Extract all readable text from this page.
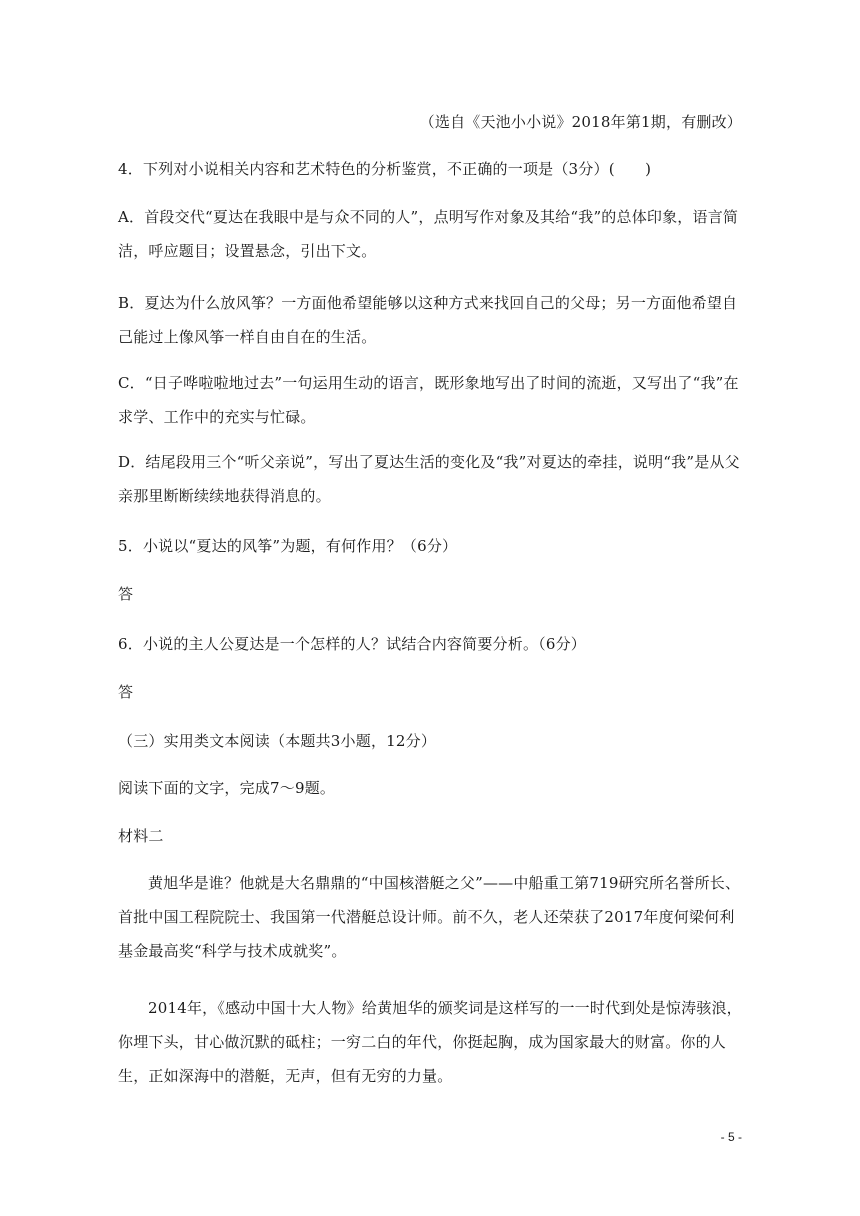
（选自《天池小小说》2018年第1期，有删改）
4．下列对小说相关内容和艺术特色的分析鉴赏，不正确的一项是（3分）(　　)
A．首段交代“夏达在我眼中是与众不同的人”，点明写作对象及其给“我”的总体印象，语言简洁，呼应题目；设置悬念，引出下文。
B．夏达为什么放风筝？一方面他希望能够以这种方式来找回自己的父母；另一方面他希望自己能过上像风筝一样自由自在的生活。
C．“日子哗啦啦地过去”一句运用生动的语言，既形象地写出了时间的流逝，又写出了“我”在求学、工作中的充实与忙碌。
D．结尾段用三个“听父亲说”，写出了夏达生活的变化及“我”对夏达的牵挂，说明“我”是从父亲那里断断续续地获得消息的。
5．小说以“夏达的风筝”为题，有何作用？（6分）
答
6．小说的主人公夏达是一个怎样的人？试结合内容简要分析。（6分）
答
（三）实用类文本阅读（本题共3小题，12分）
阅读下面的文字，完成7～9题。
材料二
黄旭华是谁？他就是大名鼎鼎的“中国核潜艇之父”——中船重工第719研究所名誉所长、首批中国工程院院士、我国第一代潜艇总设计师。前不久，老人还荣获了2017年度何梁何利基金最高奖“科学与技术成就奖”。
2014年，《感动中国十大人物》给黄旭华的颁奖词是这样写的一一时代到处是惊涛骇浪，你埋下头，甘心做沉默的砥柱；一穷二白的年代，你挺起胸，成为国家最大的财富。你的人生，正如深海中的潜艇，无声，但有无穷的力量。
- 5 -
